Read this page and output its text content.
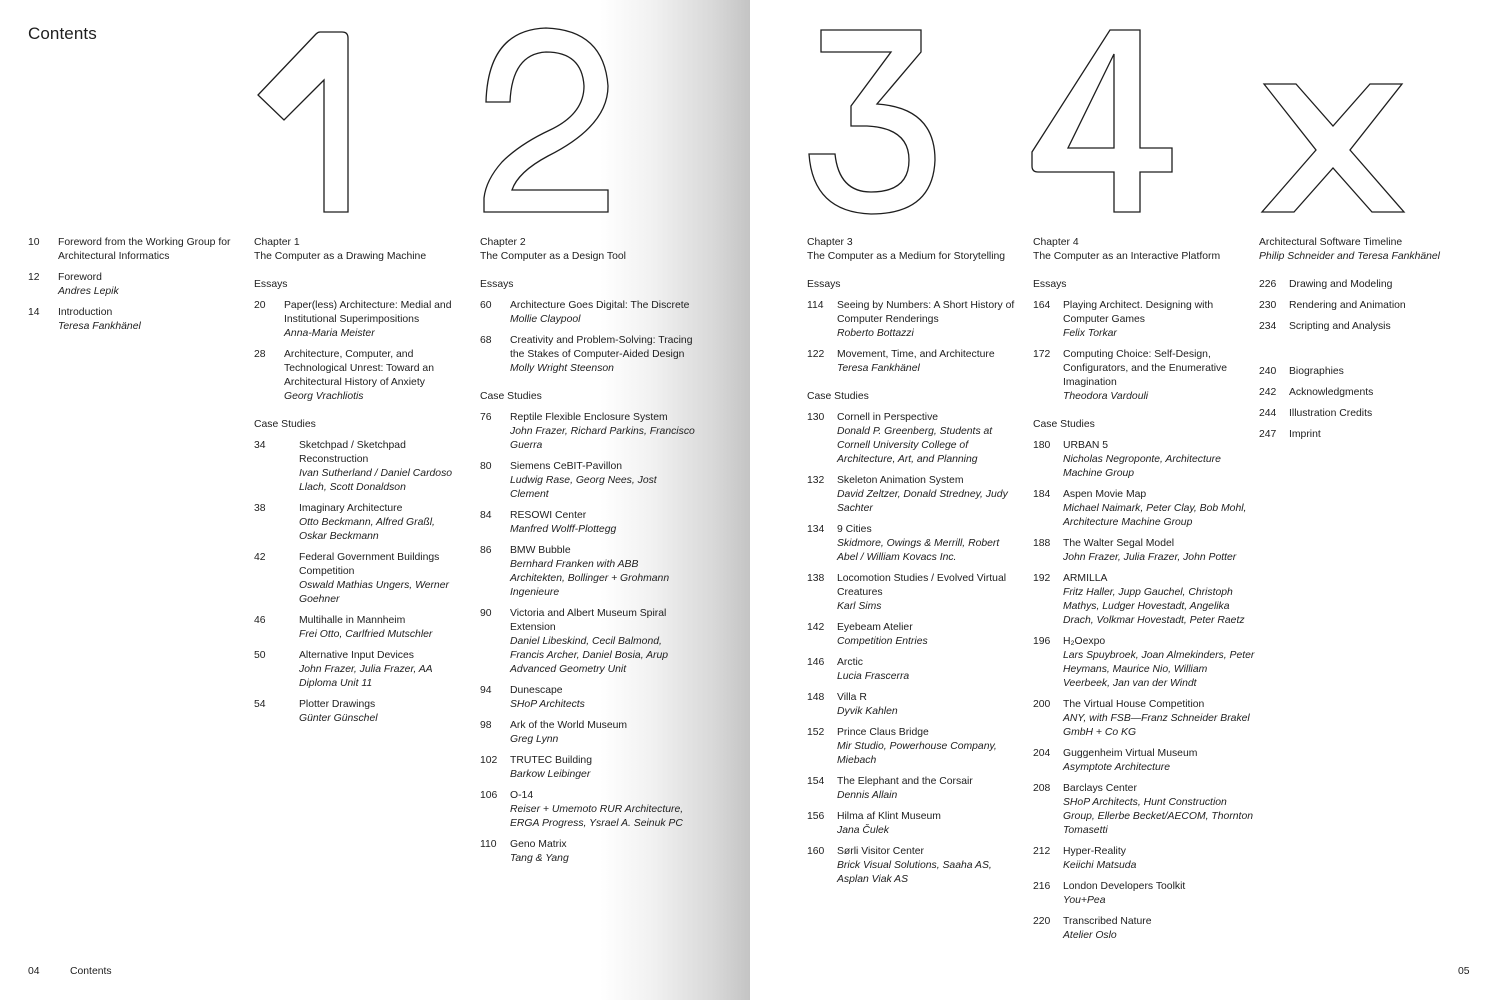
Contents
10 Foreword from the Working Group for Architectural Informatics
12 Foreword
Andres Lepik
14 Introduction
Teresa Fankhänel
Chapter 1
The Computer as a Drawing Machine
Essays
20 Paper(less) Architecture: Medial and Institutional Superimpositions
Anna-Maria Meister
28 Architecture, Computer, and Technological Unrest: Toward an Architectural History of Anxiety
Georg Vrachliotis
Case Studies
34	Sketchpad / Sketchpad Reconstruction
Ivan Sutherland / Daniel Cardoso Llach, Scott Donaldson
38	Imaginary Architecture
Otto Beckmann, Alfred Graßl, Oskar Beckmann
42	Federal Government Buildings Competition
Oswald Mathias Ungers, Werner Goehner
46	Multihalle in Mannheim
Frei Otto, Carlfried Mutschler
50	Alternative Input Devices
John Frazer, Julia Frazer, AA Diploma Unit 11
54	Plotter Drawings
Günter Günschel
Chapter 2
The Computer as a Design Tool
Essays
60 Architecture Goes Digital: The Discrete
Mollie Claypool
68 Creativity and Problem-Solving: Tracing the Stakes of Computer-Aided Design
Molly Wright Steenson
Case Studies
76 Reptile Flexible Enclosure System
John Frazer, Richard Parkins, Francisco Guerra
80 Siemens CeBIT-Pavillon
Ludwig Rase, Georg Nees, Jost Clement
84 RESOWI Center
Manfred Wolff-Plottegg
86 BMW Bubble
Bernhard Franken with ABB Architekten, Bollinger + Grohmann Ingenieure
90 Victoria and Albert Museum Spiral Extension
Daniel Libeskind, Cecil Balmond, Francis Archer, Daniel Bosia, Arup Advanced Geometry Unit
94 Dunescape
SHoP Architects
98 Ark of the World Museum
Greg Lynn
102 TRUTEC Building
Barkow Leibinger
106 O-14
Reiser + Umemoto RUR Architecture, ERGA Progress, Ysrael A. Seinuk PC
110 Geno Matrix
Tang & Yang
Chapter 3
The Computer as a Medium for Storytelling
Essays
114 Seeing by Numbers: A Short History of Computer Renderings
Roberto Bottazzi
122 Movement, Time, and Architecture
Teresa Fankhänel
Case Studies
130 Cornell in Perspective
Donald P. Greenberg, Students at Cornell University College of Architecture, Art, and Planning
132 Skeleton Animation System
David Zeltzer, Donald Stredney, Judy Sachter
134 9 Cities
Skidmore, Owings & Merrill, Robert Abel / William Kovacs Inc.
138 Locomotion Studies / Evolved Virtual Creatures
Karl Sims
142 Eyebeam Atelier
Competition Entries
146 Arctic
Lucia Frascerra
148 Villa R
Dyvik Kahlen
152 Prince Claus Bridge
Mir Studio, Powerhouse Company, Miebach
154 The Elephant and the Corsair
Dennis Allain
156 Hilma af Klint Museum
Jana Čulek
160 Sørli Visitor Center
Brick Visual Solutions, Saaha AS, Asplan Viak AS
Chapter 4
The Computer as an Interactive Platform
Essays
164 Playing Architect. Designing with Computer Games
Felix Torkar
172 Computing Choice: Self-Design, Configurators, and the Enumerative Imagination
Theodora Vardouli
Case Studies
180 URBAN 5
Nicholas Negroponte, Architecture Machine Group
184 Aspen Movie Map
Michael Naimark, Peter Clay, Bob Mohl, Architecture Machine Group
188 The Walter Segal Model
John Frazer, Julia Frazer, John Potter
192 ARMILLA
Fritz Haller, Jupp Gauchel, Christoph Mathys, Ludger Hovestadt, Angelika Drach, Volkmar Hovestadt, Peter Raetz
196 H₂Oexpo
Lars Spuybroek, Joan Almekinders, Peter Heymans, Maurice Nio, William Veerbeek, Jan van der Windt
200 The Virtual House Competition
ANY, with FSB—Franz Schneider Brakel GmbH + Co KG
204 Guggenheim Virtual Museum
Asymptote Architecture
208 Barclays Center
SHoP Architects, Hunt Construction Group, Ellerbe Becket/AECOM, Thornton Tomasetti
212 Hyper-Reality
Keiichi Matsuda
216 London Developers Toolkit
You+Pea
220 Transcribed Nature
Atelier Oslo
Architectural Software Timeline
Philip Schneider and Teresa Fankhänel
226 Drawing and Modeling
230 Rendering and Animation
234 Scripting and Analysis
240 Biographies
242 Acknowledgments
244 Illustration Credits
247 Imprint
04	Contents	05
